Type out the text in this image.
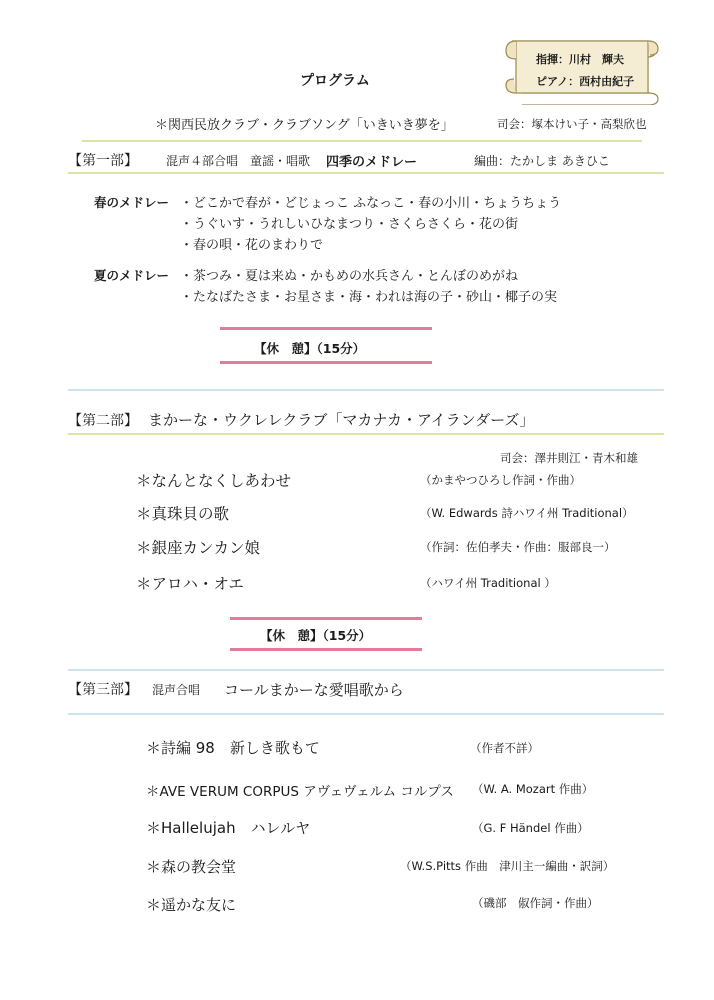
指揮：川村　輝夫
ピアノ：西村由紀子
プログラム
＊関西民放クラブ・クラブソング「いきいき夢を」	司会：塚本けい子・高梨欣也
【第一部】 混声４部合唱　童謡・唱歌 四季のメドレー	編曲：たかしま あきひこ
春のメドレー ・どこかで春が・どじょっこ ふなっこ・春の小川・ちょうちょう
・うぐいす・うれしいひなまつり・さくらさくら・花の街
・春の唄・花のまわりで
夏のメドレー ・茶つみ・夏は来ぬ・かもめの水兵さん・とんぼのめがね
・たなばたさま・お星さま・海・われは海の子・砂山・椰子の実
【休　憩】（15分）
【第二部】 まかーな・ウクレレクラブ「マカナカ・アイランダーズ」
司会：澤井則江・青木和雄
＊なんとなくしあわせ	（かまやつひろし作詞・作曲）
＊真珠貝の歌	（W. Edwards 詩ハワイ州 Traditional）
＊銀座カンカン娘	（作詞：佐伯孝夫・作曲：服部良一）
＊アロハ・オエ	（ハワイ州 Traditional ）
【休　憩】（15分）
【第三部】 混声合唱 コールまかーな愛唱歌から
＊詩編 98　新しき歌もて	（作者不詳）
＊AVE VERUM CORPUS アヴェヴェルム コルプス （W. A. Mozart 作曲）
＊Hallelujah　ハレルヤ	（G. F Händel 作曲）
＊森の教会堂	（W.S.Pitts 作曲　津川主一編曲・訳詞）
＊遥かな友に	（磯部　俶作詞・作曲）
